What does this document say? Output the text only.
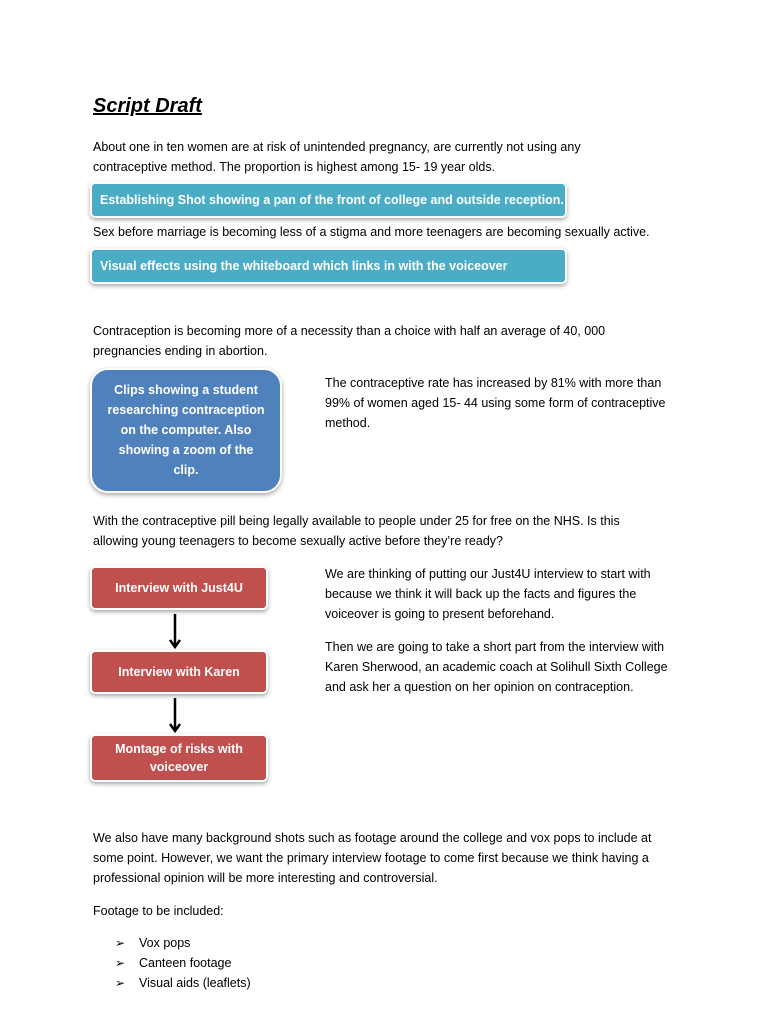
Script Draft
About one in ten women are at risk of unintended pregnancy, are currently not using any contraceptive method. The proportion is highest among 15- 19 year olds.
Establishing Shot showing a pan of the front of college and outside reception.
Sex before marriage is becoming less of a stigma and more teenagers are becoming sexually active.
Visual effects using the whiteboard which links in with the voiceover
Contraception is becoming more of a necessity than a choice with half an average of 40, 000 pregnancies ending in abortion.
Clips showing a student researching contraception on the computer. Also showing a zoom of the clip.
The contraceptive rate has increased by 81% with more than 99% of women aged 15- 44 using some form of contraceptive method.
With the contraceptive pill being legally available to people under 25 for free on the NHS. Is this allowing young teenagers to become sexually active before they’re ready?
Interview with Just4U
Interview with Karen
Montage of risks with voiceover
We are thinking of putting our Just4U interview to start with because we think it will back up the facts and figures the voiceover is going to present beforehand.
Then we are going to take a short part from the interview with Karen Sherwood, an academic coach at Solihull Sixth College and ask her a question on her opinion on contraception.
We also have many background shots such as footage around the college and vox pops to include at some point. However, we want the primary interview footage to come first because we think having a professional opinion will be more interesting and controversial.
Footage to be included:
➢ Vox pops
➢ Canteen footage
➢ Visual aids (leaflets)
